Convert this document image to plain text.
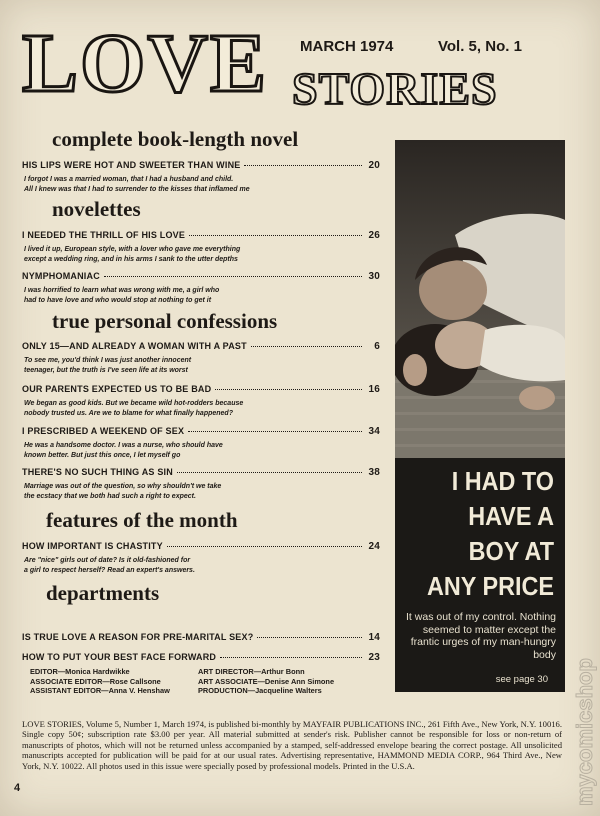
LOVE MARCH 1974	Vol. 5, No. 1
STORIES
complete book-length novel
novelettes
true personal confessions
features of the month
departments
HIS LIPS WERE HOT AND SWEETER THAN WINE	20
I forgot I was a married woman, that I had a husband and child.
All I knew was that I had to surrender to the kisses that inflamed me
I NEEDED THE THRILL OF HIS LOVE	26
I lived it up, European style, with a lover who gave me everything
except a wedding ring, and in his arms I sank to the utter depths
NYMPHOMANIAC	30
I was horrified to learn what was wrong with me, a girl who
had to have love and who would stop at nothing to get it
ONLY 15—AND ALREADY A WOMAN WITH A PAST	6
To see me, you'd think I was just another innocent
teenager, but the truth is I've seen life at its worst
OUR PARENTS EXPECTED US TO BE BAD	16
We began as good kids. But we became wild hot-rodders because
nobody trusted us. Are we to blame for what finally happened?
I PRESCRIBED A WEEKEND OF SEX	34
He was a handsome doctor. I was a nurse, who should have
known better. But just this once, I let myself go
THERE'S NO SUCH THING AS SIN	38
Marriage was out of the question, so why shouldn't we take
the ecstacy that we both had such a right to expect.
HOW IMPORTANT IS CHASTITY	24
Are "nice" girls out of date? Is it old-fashioned for
a girl to respect herself? Read an expert's answers.
IS TRUE LOVE A REASON FOR PRE-MARITAL SEX?	14
HOW TO PUT YOUR BEST FACE FORWARD	23
EDITOR—Monica Hardwikke
ASSOCIATE EDITOR—Rose Callsone
ASSISTANT EDITOR—Anna V. Henshaw
ART DIRECTOR—Arthur Bonn
ART ASSOCIATE—Denise Ann Simone
PRODUCTION—Jacqueline Walters
I HAD TO
HAVE A
BOY AT
ANY PRICE
It was out of my control. Nothing seemed to matter except the frantic urges of my man-hungry body
see page 30
LOVE STORIES, Volume 5, Number 1, March 1974, is published bi-monthly by MAYFAIR PUBLICATIONS INC., 261 Fifth Ave., New York, N.Y. 10016. Single copy 50¢; subscription rate $3.00 per year. All material submitted at sender's risk. Publisher cannot be responsible for loss or non-return of manuscripts of photos, which will not be returned unless accompanied by a stamped, self-addressed envelope bearing the correct postage. All unsolicited manuscripts accepted for publication will be paid for at our usual rates. Advertising representative, HAMMOND MEDIA CORP., 964 Third Ave., New York, N.Y. 10022. All photos used in this issue were specially posed by professional models. Printed in the U.S.A.
4	mycomicshop
